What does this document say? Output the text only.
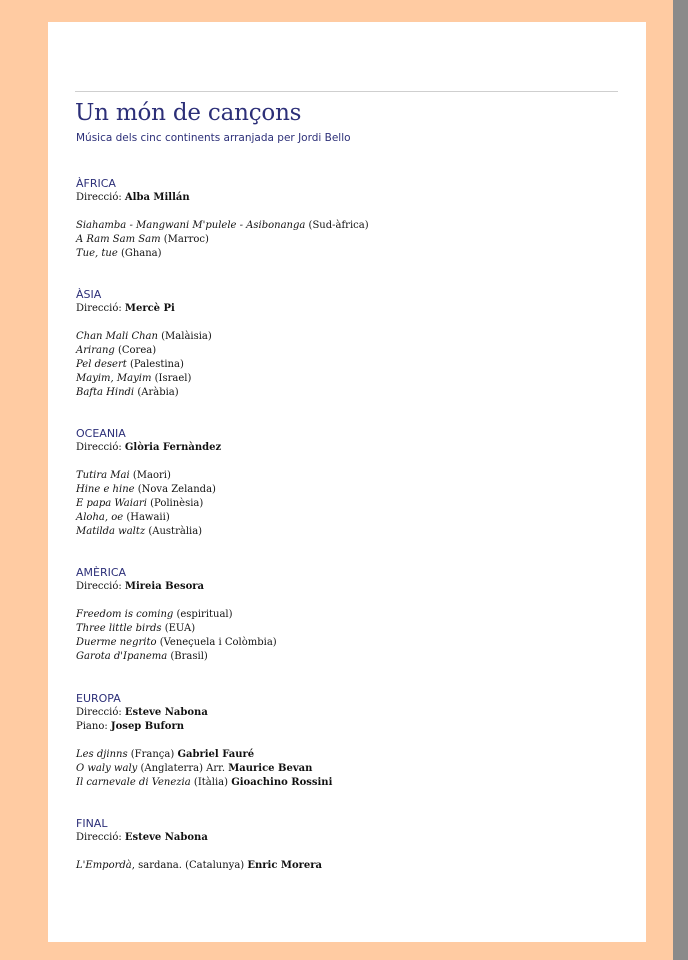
Un món de cançons
Música dels cinc continents arranjada per Jordi Bello
ÀFRICA
Direcció: Alba Millán
Siahamba - Mangwani M'pulele - Asibonanga (Sud-àfrica)
A Ram Sam Sam (Marroc)
Tue, tue (Ghana)
ÀSIA
Direcció: Mercè Pi
Chan Mali Chan (Malàisia)
Arirang (Corea)
Pel desert (Palestina)
Mayim, Mayim (Israel)
Bafta Hindi (Aràbia)
OCEANIA
Direcció: Glòria Fernàndez
Tutira Mai (Maori)
Hine e hine (Nova Zelanda)
E papa Waiari (Polinèsia)
Aloha, oe (Hawaii)
Matilda waltz (Austràlia)
AMÈRICA
Direcció: Mireia Besora
Freedom is coming (espiritual)
Three little birds (EUA)
Duerme negrito (Veneçuela i Colòmbia)
Garota d'Ipanema (Brasil)
EUROPA
Direcció: Esteve Nabona
Piano: Josep Buforn
Les djinns (França) Gabriel Fauré
O waly waly (Anglaterra) Arr. Maurice Bevan
Il carnevale di Venezia (Itàlia) Gioachino Rossini
FINAL
Direcció: Esteve Nabona
L'Empordà, sardana. (Catalunya) Enric Morera
